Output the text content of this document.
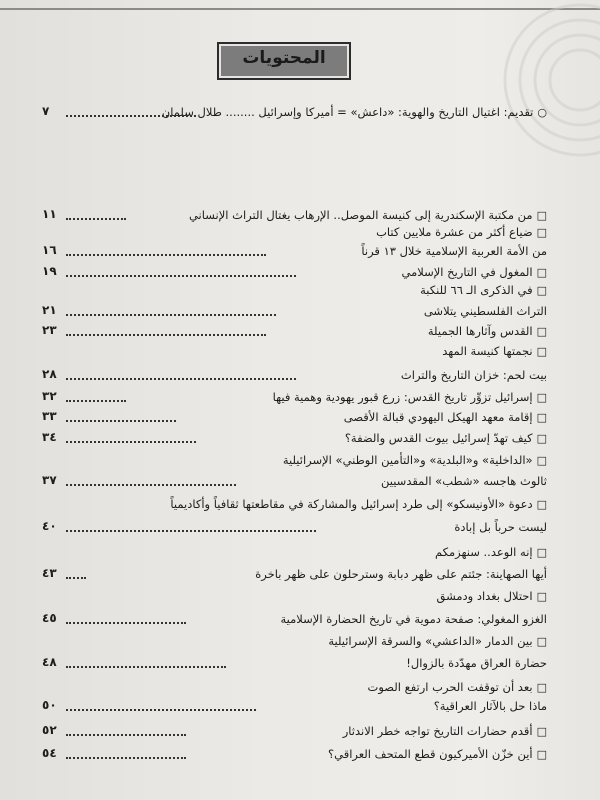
المحتويات
○تقديم: اغتيال التاريخ والهوية: «داعش» = أميركا وإسرائيل ........ طلال سلمان
٧
□من مكتبة الإسكندرية إلى كنيسة الموصل.. الإرهاب يغتال التراث الإنساني
١١
□ضياع أكثر من عشرة ملايين كتاب
من الأمة العربية الإسلامية خلال ١٣ قرناً
١٦
□المغول في التاريخ الإسلامي
١٩
□في الذكرى الـ ٦٦ للنكبة
التراث الفلسطيني يتلاشى
٢١
□القدس وآثارها الجميلة
٢٣
□نجمتها كنيسة المهد
بيت لحم: خزان التاريخ والتراث
٢٨
□إسرائيل تزوِّر تاريخ القدس: زرع قبور يهودية وهمية فيها
٣٢
□إقامة معهد الهيكل اليهودي قبالة الأقصى
٣٣
□كيف تهدّ إسرائيل بيوت القدس والضفة؟
٣٤
□«الداخلية» و«البلدية» و«التأمين الوطني» الإسرائيلية
ثالوث هاجسه «شطب» المقدسيين
٣٧
□دعوة «الأونيسكو» إلى طرد إسرائيل والمشاركة في مقاطعتها ثقافياً وأكاديمياً
ليست حرباً بل إبادة
٤٠
□إنه الوعد.. سنهزمكم
أيها الصهاينة: جئتم على ظهر دبابة وسترحلون على ظهر باخرة
٤٣
□احتلال بغداد ودمشق
الغزو المغولي: صفحة دموية في تاريخ الحضارة الإسلامية
٤٥
□بين الدمار «الداعشي» والسرقة الإسرائيلية
حضارة العراق مهدّدة بالزوال!
٤٨
□بعد أن توقفت الحرب ارتفع الصوت
ماذا حل بالآثار العراقية؟
٥٠
□أقدم حضارات التاريخ تواجه خطر الاندثار
٥٢
□أين خزّن الأميركيون قطع المتحف العراقي؟
٥٤
